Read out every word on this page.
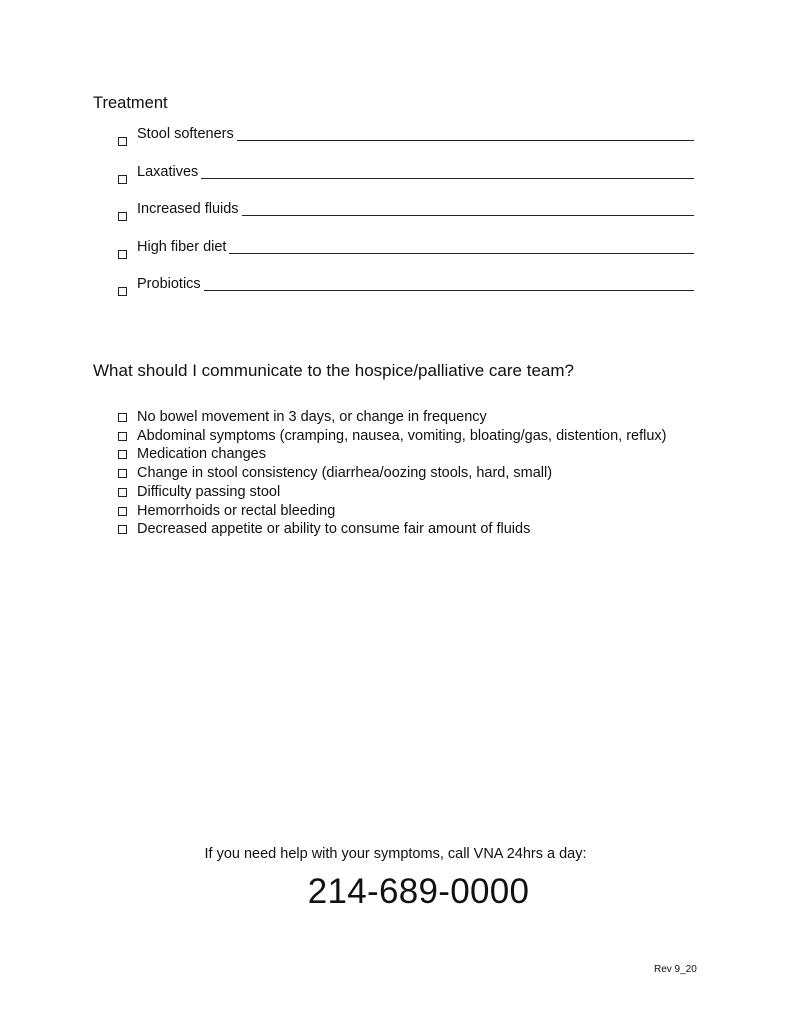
Treatment
Stool softeners
Laxatives
Increased fluids
High fiber diet
Probiotics
What should I communicate to the hospice/palliative care team?
No bowel movement in 3 days, or change in frequency
Abdominal symptoms (cramping, nausea, vomiting, bloating/gas, distention, reflux)
Medication changes
Change in stool consistency (diarrhea/oozing stools, hard, small)
Difficulty passing stool
Hemorrhoids or rectal bleeding
Decreased appetite or ability to consume fair amount of fluids
If you need help with your symptoms, call VNA 24hrs a day:
214-689-0000
Rev 9_20
